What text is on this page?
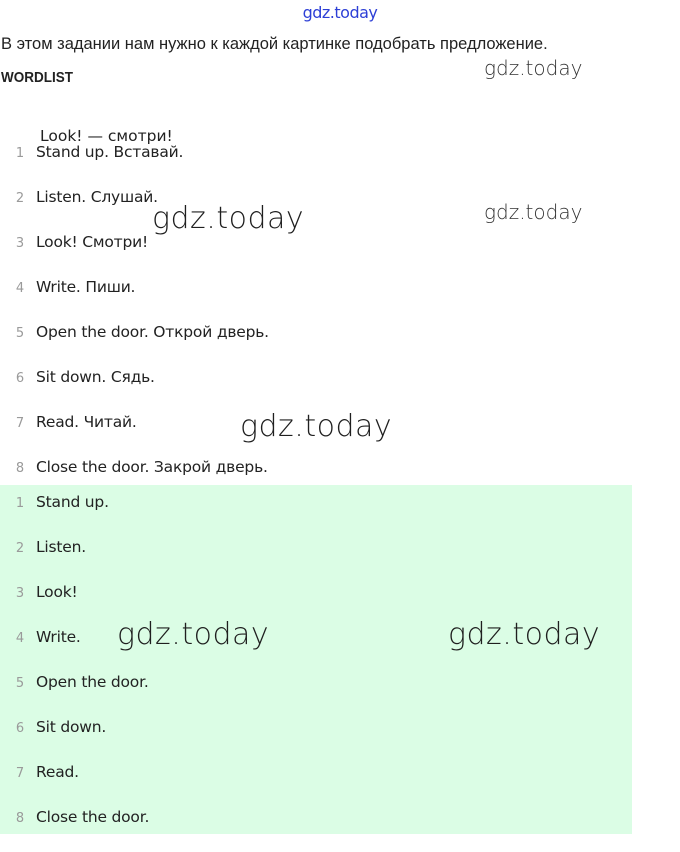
gdz.today
В этом задании нам нужно к каждой картинке подобрать предложение.
WORDLIST
Look! — смотри!
1 Stand up. Вставай.
2 Listen. Слушай.
3 Look! Смотри!
4 Write. Пиши.
5 Open the door. Открой дверь.
6 Sit down. Сядь.
7 Read. Читай.
8 Close the door. Закрой дверь.
1 Stand up.
2 Listen.
3 Look!
4 Write.
5 Open the door.
6 Sit down.
7 Read.
8 Close the door.
gdz.today
gdz.today
gdz.today
gdz.today
gdz.today	gdz.today
